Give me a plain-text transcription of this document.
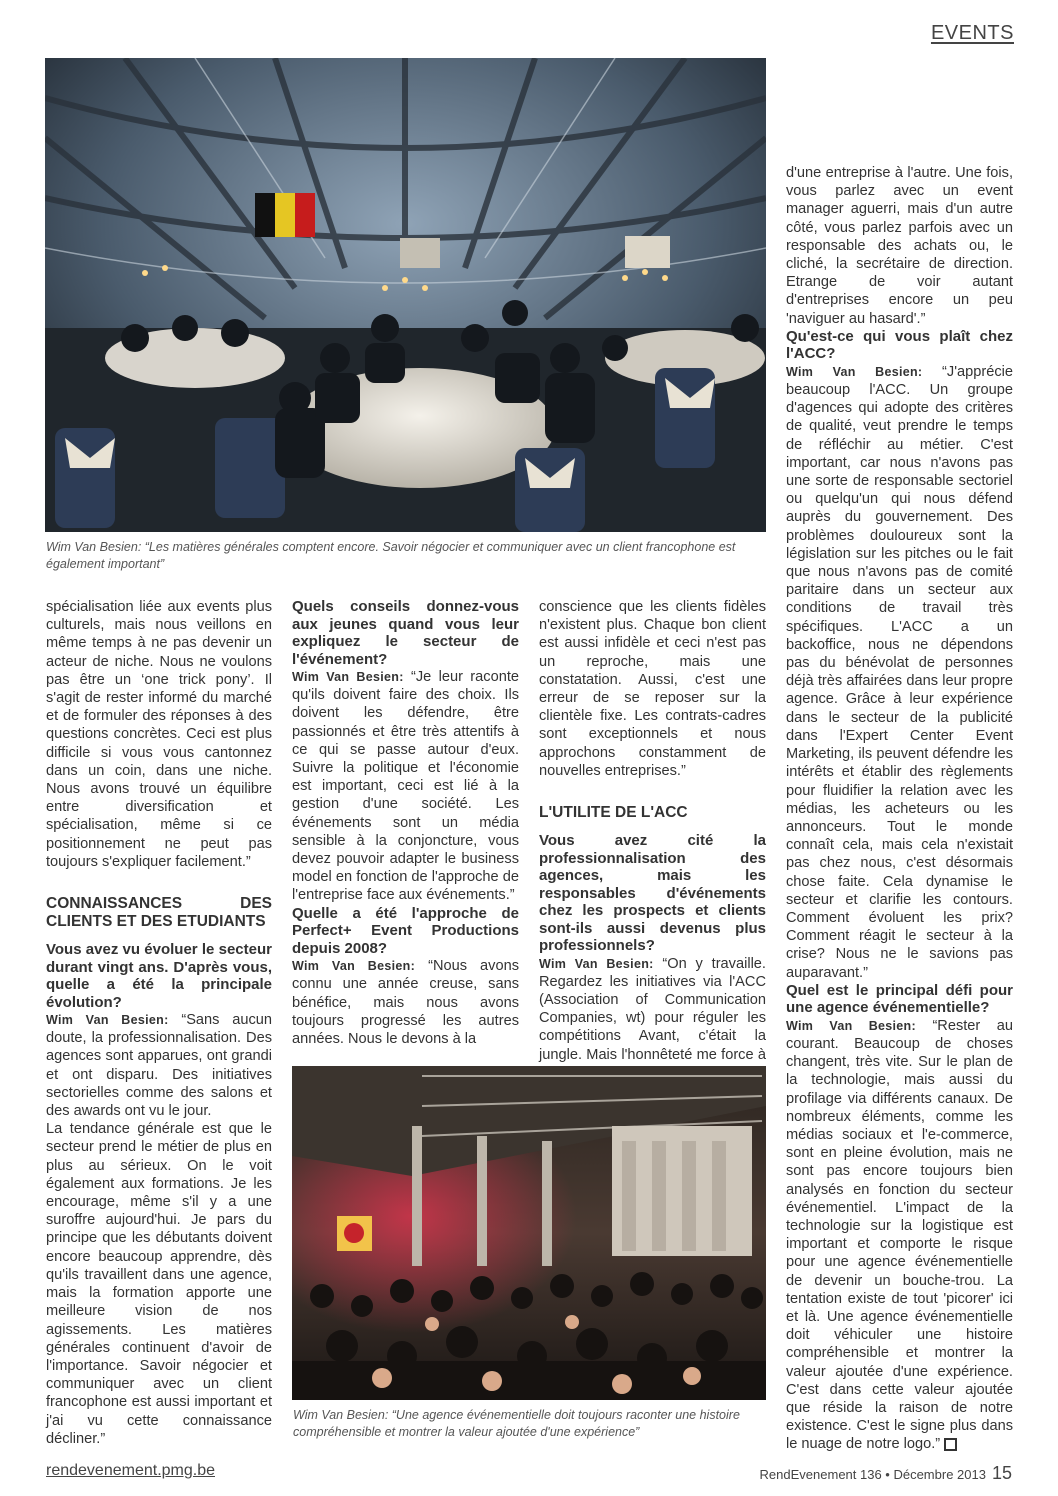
EVENTS
Wim Van Besien: “Les matières générales comptent encore. Savoir négocier et communiquer avec un client francophone est également important”

spécialisation liée aux events plus culturels, mais nous veillons en même temps à ne pas devenir un acteur de niche. Nous ne voulons pas être un ‘one trick pony’. Il s'agit de rester informé du marché et de formuler des réponses à des questions concrètes. Ceci est plus difficile si vous vous cantonnez dans un coin, dans une niche. Nous avons trouvé un équilibre entre diversification et spécialisation, même si ce positionnement ne peut pas toujours s'expliquer facilement.”

CONNAISSANCES DES CLIENTS ET DES ETUDIANTS

Vous avez vu évoluer le secteur durant vingt ans. D'après vous, quelle a été la principale évolution?

Wim Van Besien: “Sans aucun doute, la professionnalisation. Des agences sont apparues, ont grandi et ont disparu. Des initiatives sectorielles comme des salons et des awards ont vu le jour.

La tendance générale est que le secteur prend le métier de plus en plus au sérieux. On le voit également aux formations. Je les encourage, même s'il y a une suroffre aujourd'hui. Je pars du principe que les débutants doivent encore beaucoup apprendre, dès qu'ils travaillent dans une agence, mais la formation apporte une meilleure vision de nos agissements. Les matières générales continuent d'avoir de l'importance. Savoir négocier et communiquer avec un client francophone est aussi important et j'ai vu cette connaissance décliner.”

Quels conseils donnez-vous aux jeunes quand vous leur expliquez le secteur de l'événement?

Wim Van Besien: “Je leur raconte qu'ils doivent faire des choix. Ils doivent les défendre, être passionnés et être très attentifs à ce qui se passe autour d'eux. Suivre la politique et l'économie est important, ceci est lié à la gestion d'une société. Les événements sont un média sensible à la conjoncture, vous devez pouvoir adapter le business model en fonction de l'approche de l'entreprise face aux événements.”

Quelle a été l'approche de Perfect+ Event Productions depuis 2008?

Wim Van Besien: “Nous avons connu une année creuse, sans bénéfice, mais nous avons toujours progressé les autres années. Nous le devons à la

conscience que les clients fidèles n'existent plus. Chaque bon client est aussi infidèle et ceci n'est pas un reproche, mais une constatation. Aussi, c'est une erreur de se reposer sur la clientèle fixe. Les contrats-cadres sont exceptionnels et nous approchons constamment de nouvelles entreprises.”

L'UTILITE DE L'ACC

Vous avez cité la professionnalisation des agences, mais les responsables d'événements chez les prospects et clients sont-ils aussi devenus plus professionnels?

Wim Van Besien: “On y travaille. Regardez les initiatives via l'ACC (Association of Communication Companies, wt) pour réguler les compétitions Avant, c'était la jungle. Mais l'honnêteté me force à

Wim Van Besien: “Une agence événementielle doit toujours raconter une histoire compréhensible et montrer la valeur ajoutée d'une expérience”

d'une entreprise à l'autre. Une fois, vous parlez avec un event manager aguerri, mais d'un autre côté, vous parlez parfois avec un responsable des achats ou, le cliché, la secrétaire de direction. Etrange de voir autant d'entreprises encore un peu 'naviguer au hasard'.”

Qu'est-ce qui vous plaît chez l'ACC?

Wim Van Besien: “J'apprécie beaucoup l'ACC. Un groupe d'agences qui adopte des critères de qualité, veut prendre le temps de réfléchir au métier. C'est important, car nous n'avons pas une sorte de responsable sectoriel ou quelqu'un qui nous défend auprès du gouvernement. Des problèmes douloureux sont la législation sur les pitches ou le fait que nous n'avons pas de comité paritaire dans un secteur aux conditions de travail très spécifiques. L'ACC a un backoffice, nous ne dépendons pas du bénévolat de personnes déjà très affairées dans leur propre agence. Grâce à leur expérience dans le secteur de la publicité dans l'Expert Center Event Marketing, ils peuvent défendre les intérêts et établir des règlements pour fluidifier la relation avec les médias, les acheteurs ou les annonceurs. Tout le monde connaît cela, mais cela n'existait pas chez nous, c'est désormais chose faite. Cela dynamise le secteur et clarifie les contours. Comment évoluent les prix? Comment réagit le secteur à la crise? Nous ne le savions pas auparavant.”

Quel est le principal défi pour une agence événementielle?

Wim Van Besien: “Rester au courant. Beaucoup de choses changent, très vite. Sur le plan de la technologie, mais aussi du profilage via différents canaux. De nombreux éléments, comme les médias sociaux et l'e-commerce, sont en pleine évolution, mais ne sont pas encore toujours bien analysés en fonction du secteur événementiel. L'impact de la technologie sur la logistique est important et comporte le risque pour une agence événementielle de devenir un bouche-trou. La tentation existe de tout 'picorer' ici et là. Une agence événementielle doit véhiculer une histoire compréhensible et montrer la valeur ajoutée d'une expérience. C'est dans cette valeur ajoutée que réside la raison de notre existence. C'est le signe plus dans le nuage de notre logo.”

rendevenement.pmg.be	RendEvenement 136 • Décembre 2013 15
